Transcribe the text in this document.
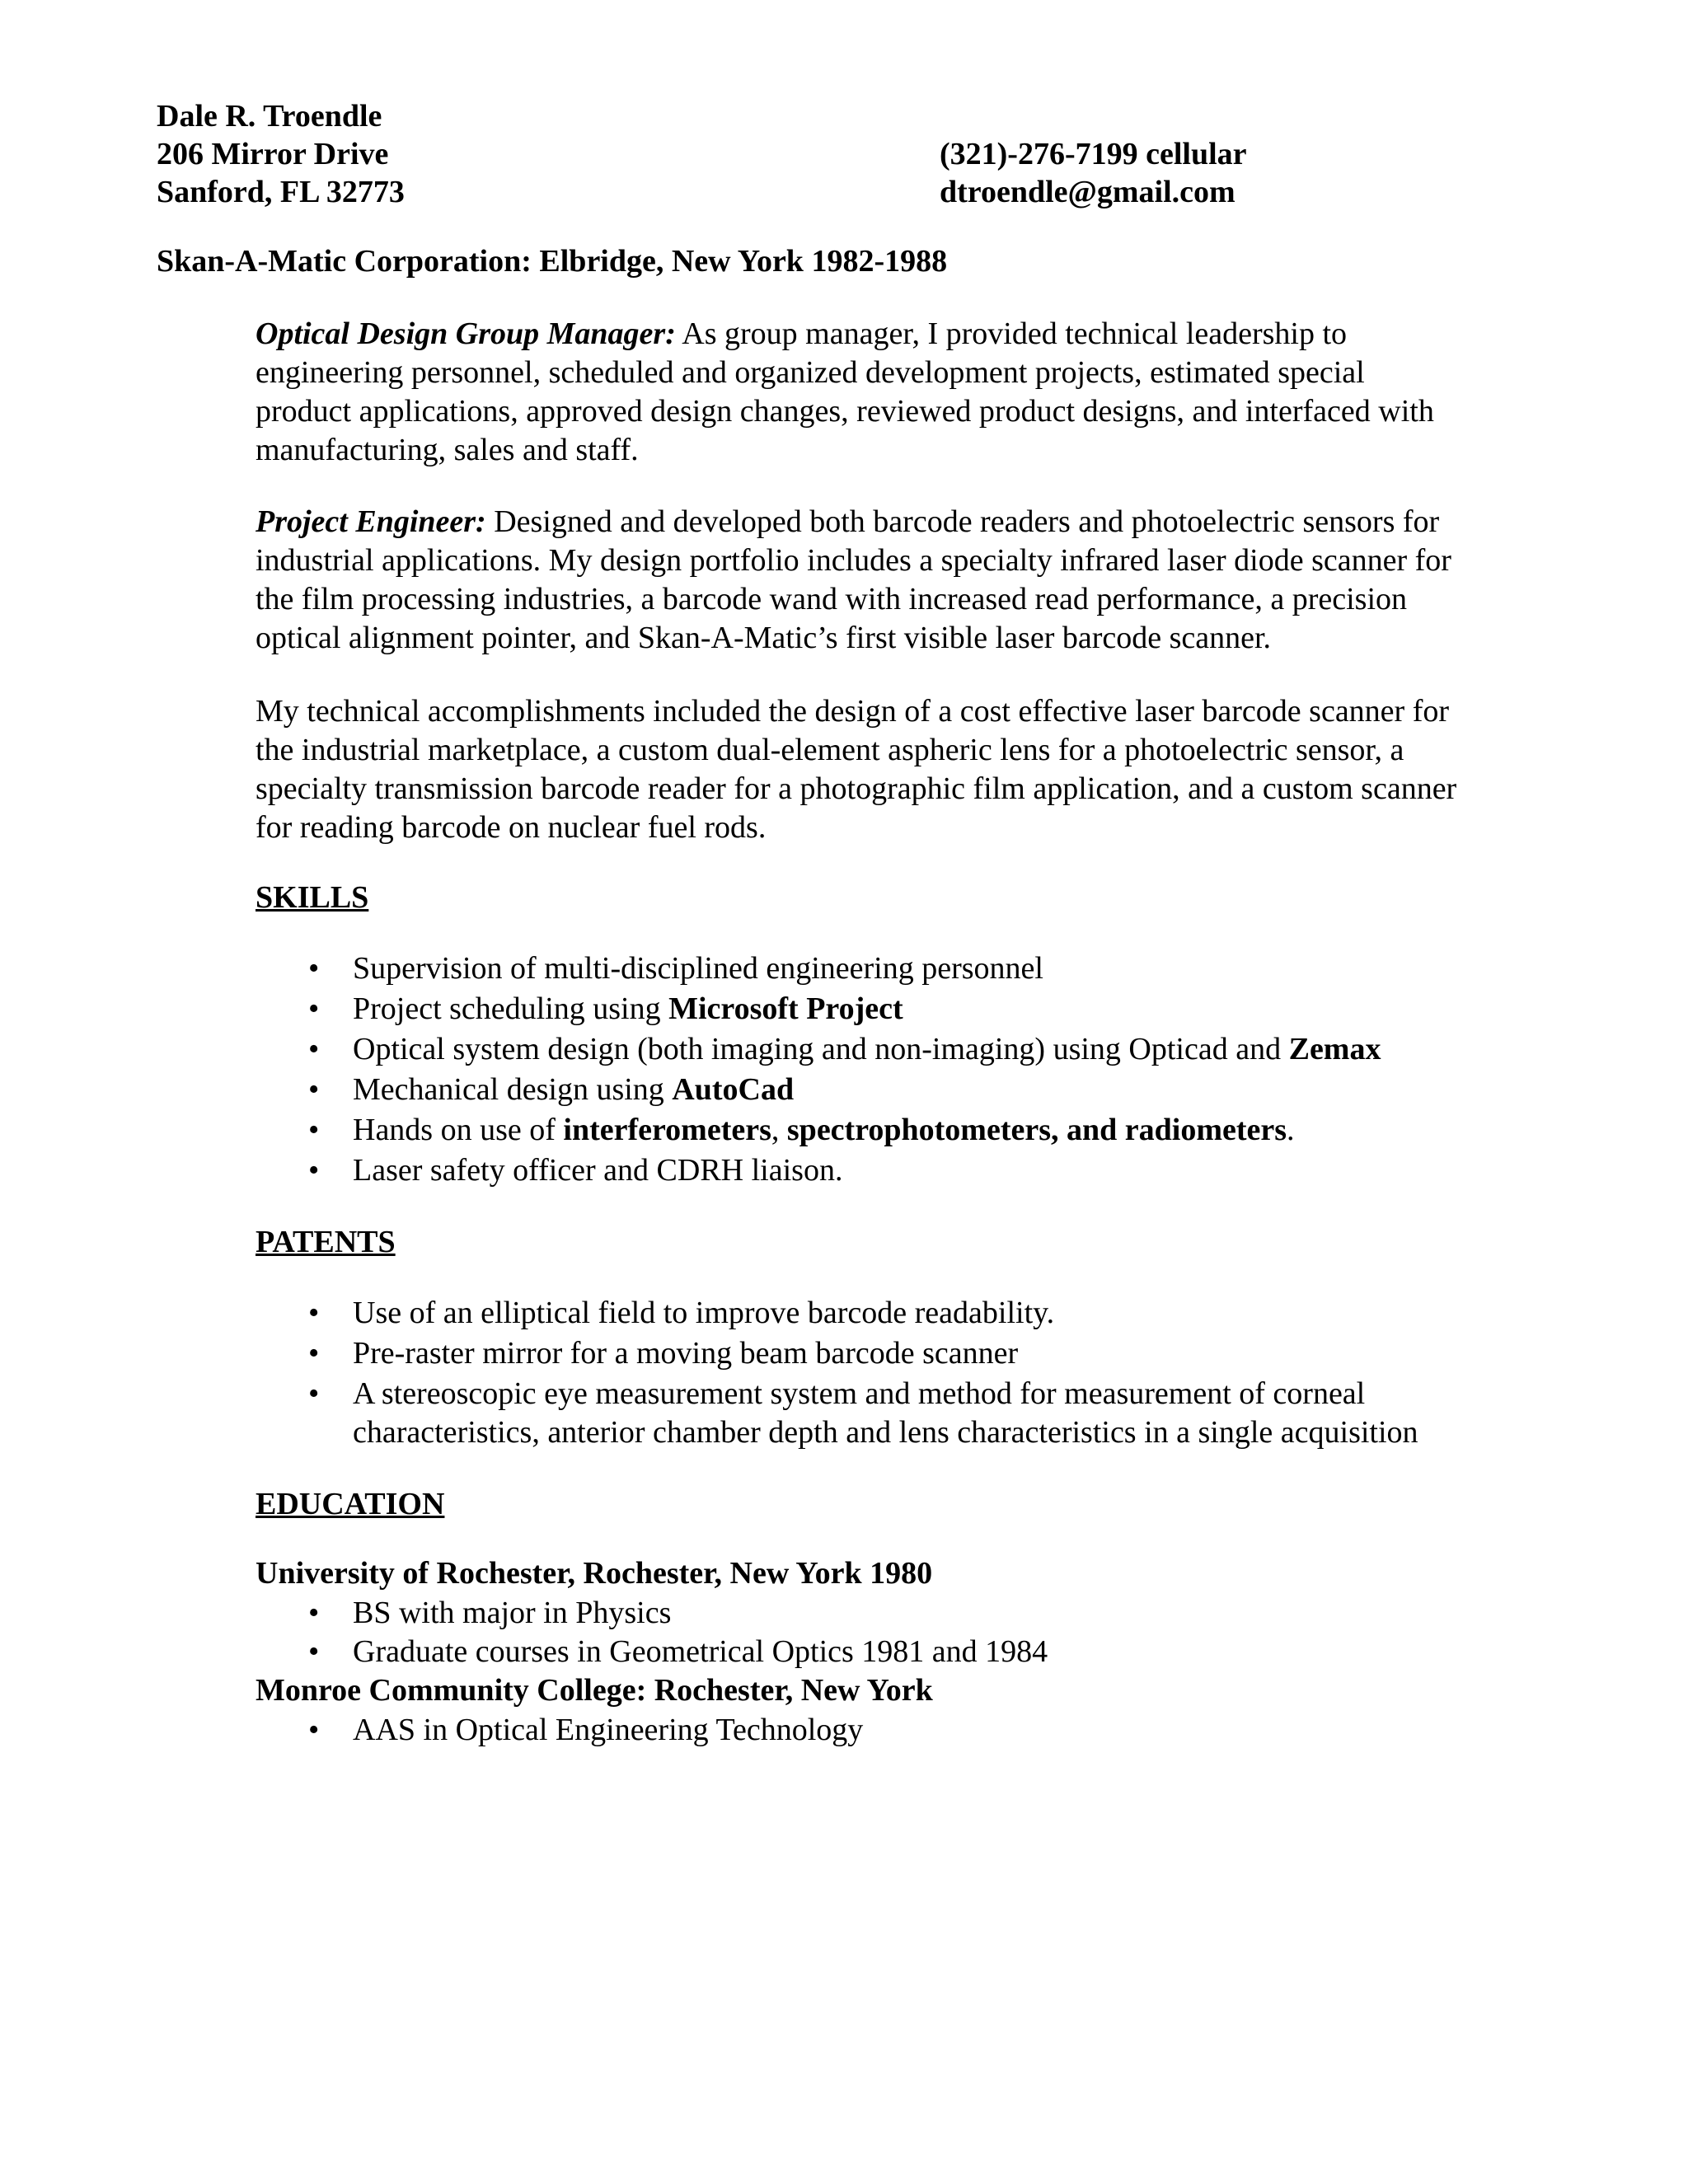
Dale R. Troendle
206 Mirror Drive
Sanford, FL 32773
(321)-276-7199 cellular
dtroendle@gmail.com
Skan-A-Matic Corporation: Elbridge, New York 1982-1988

Optical Design Group Manager: As group manager, I provided technical leadership to

engineering personnel, scheduled and organized development projects, estimated special

product applications, approved design changes, reviewed product designs, and interfaced with

manufacturing, sales and staff.

Project Engineer: Designed and developed both barcode readers and photoelectric sensors for

industrial applications. My design portfolio includes a specialty infrared laser diode scanner for

the film processing industries, a barcode wand with increased read performance, a precision

optical alignment pointer, and Skan-A-Matic’s first visible laser barcode scanner.

My technical accomplishments included the design of a cost effective laser barcode scanner for

the industrial marketplace, a custom dual-element aspheric lens for a photoelectric sensor, a

specialty transmission barcode reader for a photographic film application, and a custom scanner

for reading barcode on nuclear fuel rods.

SKILLS
• Supervision of multi-disciplined engineering personnel
• Project scheduling using Microsoft Project
• Optical system design (both imaging and non-imaging) using Opticad and Zemax
• Mechanical design using AutoCad
• Hands on use of interferometers, spectrophotometers, and radiometers.
• Laser safety officer and CDRH liaison.
PATENTS
• Use of an elliptical field to improve barcode readability.
• Pre-raster mirror for a moving beam barcode scanner
• A stereoscopic eye measurement system and method for measurement of corneal
characteristics, anterior chamber depth and lens characteristics in a single acquisition
EDUCATION
University of Rochester, Rochester, New York 1980
• BS with major in Physics
• Graduate courses in Geometrical Optics 1981 and 1984
Monroe Community College: Rochester, New York
• AAS in Optical Engineering Technology
